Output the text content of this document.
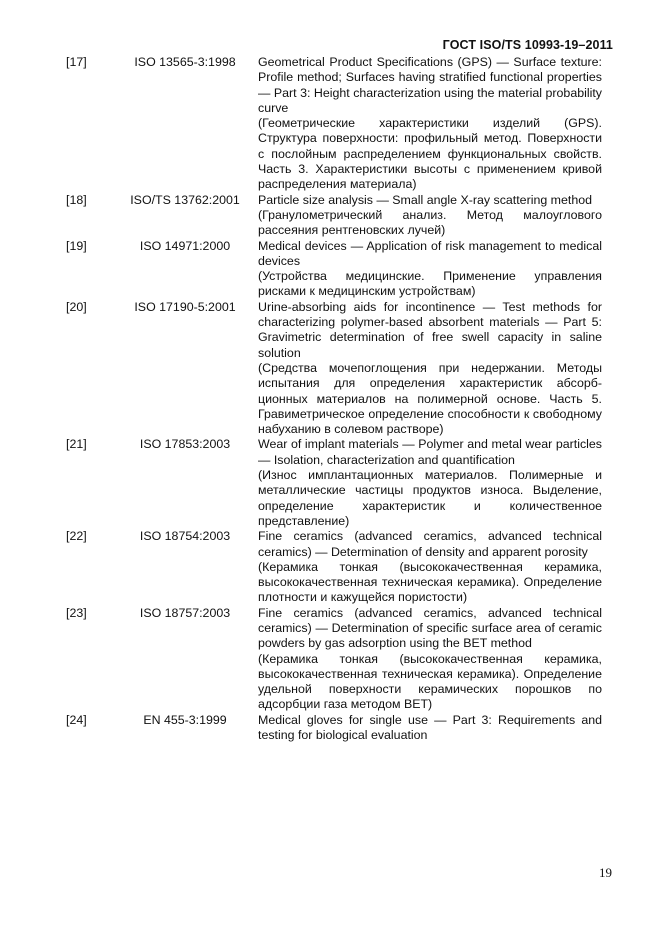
ГОСТ ISO/TS 10993-19–2011
[17]	ISO 13565-3:1998	Geometrical Product Specifications (GPS) — Surface texture: Profile method; Surfaces having stratified functional properties — Part 3: Height characterization using the material probability curve

(Геометрические характеристики изделий (GPS). Структура поверхности: профильный метод. Поверхности с послойным распределением функциональных свойств. Часть 3. Характеристики высоты с применением кривой распределения материала)

[18]	ISO/TS 13762:2001	Particle size analysis — Small angle X-ray scattering method

(Гранулометрический анализ. Метод малоуглового рассеяния рентгеновских лучей)

[19]	ISO 14971:2000	Medical devices — Application of risk management to medical devices

(Устройства медицинские. Применение управления рисками к медицинским устройствам)

[20]	ISO 17190-5:2001	Urine-absorbing aids for incontinence — Test methods for characterizing polymer-based absorbent materials — Part 5: Gravimetric determination of free swell capacity in saline solution

(Средства мочепоглощения при недержании. Методы испытания для определения характеристик абсорбционных материалов на полимерной основе. Часть 5. Гравиметрическое определение способности к свободному набуханию в солевом растворе)

[21]	ISO 17853:2003	Wear of implant materials — Polymer and metal wear particles — Isolation, characterization and quantification

(Износ имплантационных материалов. Полимерные и металлические частицы продуктов износа. Выделение, определение характеристик и количественное представление)

[22]	ISO 18754:2003	Fine ceramics (advanced ceramics, advanced technical ceramics) — Determination of density and apparent porosity

(Керамика тонкая (высококачественная керамика, высококачественная техническая керамика). Определение плотности и кажущейся пористости)

[23]	ISO 18757:2003	Fine ceramics (advanced ceramics, advanced technical ceramics) — Determination of specific surface area of ceramic powders by gas adsorption using the BET method

(Керамика тонкая (высококачественная керамика, высококачественная техническая керамика). Определение удельной поверхности керамических порошков по адсорбции газа методом BET)

[24]	EN 455-3:1999	Medical gloves for single use — Part 3: Requirements and testing for biological evaluation

19
